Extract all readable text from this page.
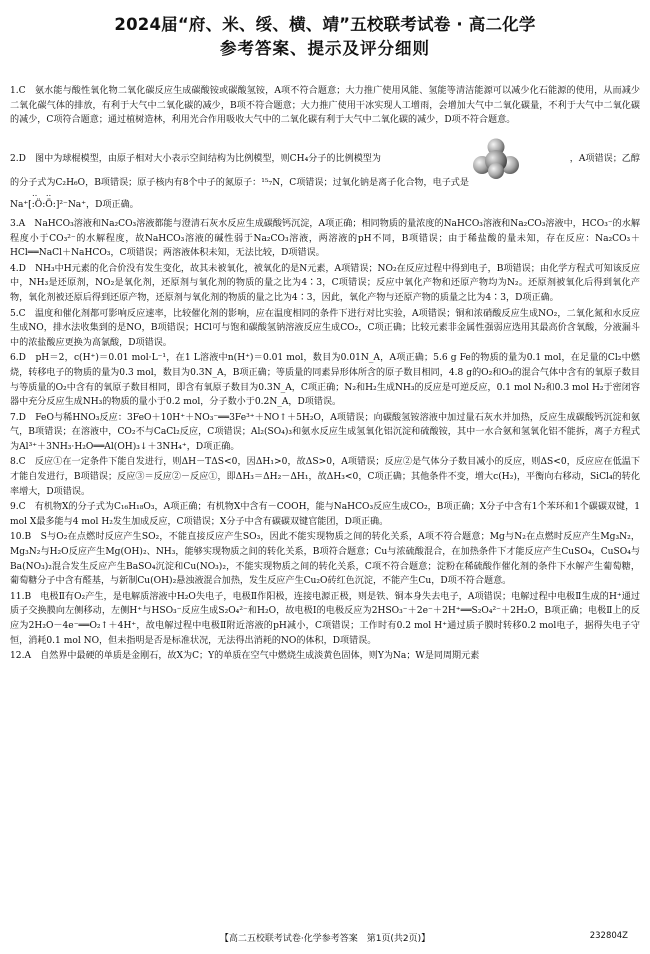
2024届“府、米、绥、横、靖”五校联考试卷 · 高二化学
参考答案、提示及评分细则

1.C　氨水能与酸性氧化物二氧化碳反应生成碳酸铵或碳酸氢铵，A项不符合题意；大力推广使用风能、氢能等清洁能源可以减少化石能源的使用，从而减少二氧化碳气体的排放，有利于大气中二氧化碳的减少，B项不符合题意；大力推广使用干冰实现人工增雨，会增加大气中二氧化碳量，不利于大气中二氧化碳的减少，C项符合题意；通过植树造林，利用光合作用吸收大气中的二氧化碳有利于大气中二氧化碳的减少，D项不符合题意。

2.D　图中为球棍模型，由原子相对大小表示空间结构为比例模型，则CH₄分子的比例模型为	，A项错误；乙醇

的分子式为C₂H₆O，B项错误；原子核内有8个中子的氮原子：¹⁵₇N，C项错误；过氧化钠是离子化合物，电子式是

‥ ‥
Na⁺[:Ö:Ö:]²⁻Na⁺，D项正确。

3.A　NaHCO₃溶液和Na₂CO₃溶液都能与澄清石灰水反应生成碳酸钙沉淀，A项正确；相同物质的量浓度的NaHCO₃溶液和Na₂CO₃溶液中，HCO₃⁻的水解程度小于CO₃²⁻的水解程度，故NaHCO₃溶液的碱性弱于Na₂CO₃溶液，两溶液的pH不同，B项错误；由于稀盐酸的量未知，存在反应：Na₂CO₃＋HCl══NaCl＋NaHCO₃，C项错误；两溶液体积未知，无法比较，D项错误。

4.D　NH₃中H元素的化合价没有发生变化，故其未被氧化，被氧化的是N元素，A项错误；NO₂在反应过程中得到电子，B项错误；由化学方程式可知该反应中，NH₃是还原剂，NO₂是氧化剂，还原剂与氧化剂的物质的量之比为4∶3，C项错误；反应中氧化产物和还原产物均为N₂。还原剂被氧化后得到氧化产物，氧化剂被还原后得到还原产物，还原剂与氧化剂的物质的量之比为4∶3，因此，氧化产物与还原产物的质量之比为4∶3，D项正确。

5.C　温度和催化剂都可影响反应速率，比较催化剂的影响，应在温度相同的条件下进行对比实验，A项错误；铜和浓硝酸反应生成NO₂，二氧化氮和水反应生成NO，排水法收集到的是NO，B项错误；HCl可与饱和碳酸氢钠溶液反应生成CO₂，C项正确；比较元素非金属性强弱应选用其最高价含氧酸，分液漏斗中的浓盐酸应更换为高氯酸，D项错误。

6.D　pH＝2，c(H⁺)＝0.01 mol·L⁻¹，在1 L溶液中n(H⁺)＝0.01 mol，数目为0.01N_A，A项正确；5.6 g Fe的物质的量为0.1 mol，在足量的Cl₂中燃烧，转移电子的物质的量为0.3 mol，数目为0.3N_A，B项正确；等质量的同素异形体所含的原子数目相同，4.8 g的O₂和O₃的混合气体中含有的氧原子数目与等质量的O₂中含有的氧原子数目相同，即含有氧原子数目为0.3N_A，C项正确；N₂和H₂生成NH₃的反应是可逆反应，0.1 mol N₂和0.3 mol H₂于密闭容器中充分反应生成NH₃的物质的量小于0.2 mol，分子数小于0.2N_A，D项错误。

7.D　FeO与稀HNO₃反应：3FeO＋10H⁺＋NO₃⁻══3Fe³⁺＋NO↑＋5H₂O，A项错误；向碳酸氢铵溶液中加过量石灰水并加热，反应生成碳酸钙沉淀和氨气，B项错误；在溶液中，CO₂不与CaCl₂反应，C项错误；Al₂(SO₄)₃和氨水反应生成氢氧化铝沉淀和硫酸铵，其中一水合氨和氢氧化铝不能拆，离子方程式为Al³⁺＋3NH₃·H₂O══Al(OH)₃↓＋3NH₄⁺，D项正确。

8.C　反应①在一定条件下能自发进行，则ΔH－TΔS<0，因ΔH₁>0，故ΔS>0，A项错误；反应②是气体分子数目减小的反应，则ΔS<0，反应应在低温下才能自发进行，B项错误；反应③＝反应②－反应①，即ΔH₃＝ΔH₂－ΔH₁，故ΔH₃<0，C项正确；其他条件不变，增大c(H₂)，平衡向右移动，SiCl₄的转化率增大，D项错误。

9.C　有机物X的分子式为C₁₆H₁₈O₃，A项正确；有机物X中含有－COOH，能与NaHCO₃反应生成CO₂，B项正确；X分子中含有1个苯环和1个碳碳双键，1 mol X最多能与4 mol H₂发生加成反应，C项错误；X分子中含有碳碳双键官能团，D项正确。

10.B　S与O₂在点燃时反应产生SO₂，不能直接反应产生SO₃，因此不能实现物质之间的转化关系，A项不符合题意；Mg与N₂在点燃时反应产生Mg₃N₂，Mg₃N₂与H₂O反应产生Mg(OH)₂、NH₃，能够实现物质之间的转化关系，B项符合题意；Cu与浓硫酸混合，在加热条件下才能反应产生CuSO₄，CuSO₄与Ba(NO₃)₂混合发生反应产生BaSO₄沉淀和Cu(NO₃)₂，不能实现物质之间的转化关系，C项不符合题意；淀粉在稀硫酸作催化剂的条件下水解产生葡萄糖，葡萄糖分子中含有醛基，与新制Cu(OH)₂悬浊液混合加热，发生反应产生Cu₂O砖红色沉淀，不能产生Cu，D项不符合题意。

11.B　电极Ⅱ有O₂产生，是电解质溶液中H₂O失电子，电极Ⅱ作阳极，连接电源正极，则是铁、铜本身失去电子，A项错误；电解过程中电极Ⅱ生成的H⁺通过质子交换膜向左侧移动，左侧H⁺与HSO₃⁻反应生成S₂O₄²⁻和H₂O，故电极Ⅰ的电极反应为2HSO₃⁻＋2e⁻＋2H⁺══S₂O₄²⁻＋2H₂O，B项正确；电极Ⅱ上的反应为2H₂O－4e⁻══O₂↑＋4H⁺，故电解过程中电极Ⅱ附近溶液的pH减小，C项错误；工作时有0.2 mol H⁺通过质子膜时转移0.2 mol电子，据得失电子守恒，消耗0.1 mol NO，但未指明是否是标准状况，无法得出消耗的NO的体积，D项错误。

12.A　自然界中最硬的单质是金刚石，故X为C；Y的单质在空气中燃烧生成淡黄色固体，则Y为Na；W是同周期元素

【高二五校联考试卷·化学参考答案　第1页(共2页)】	232804Z
